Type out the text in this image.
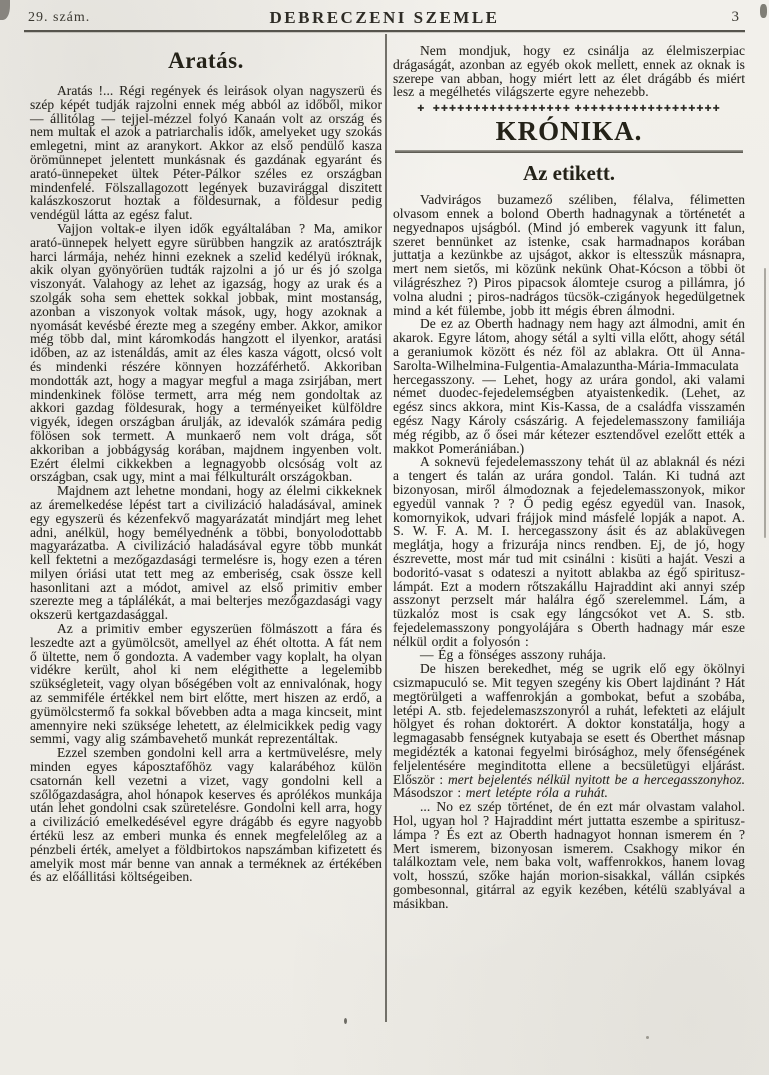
29. szám.	DEBRECZENI SZEMLE	3
Aratás.

Aratás !... Régi regények és leirások olyan nagyszerü és szép képét tudják rajzolni ennek még abból az időből, mikor — állitólag — tejjel-mézzel folyó Kanaán volt az ország és nem multak el azok a patriarchalis idők, amelyeket ugy szokás emlegetni, mint az aranykort. Akkor az első pendülő kasza örömünnepet jelentett munkásnak és gazdának egyaránt és arató-ünnepeket ültek Péter-Pálkor széles ez országban mindenfelé. Fölszallagozott legények buzavirággal diszitett kalászkoszorut hoztak a földesurnak, a földesur pedig vendégül látta az egész falut.

Vajjon voltak-e ilyen idők egyáltalában ? Ma, amikor arató-ünnepek helyett egyre sürübben hangzik az aratósztrájk harci lármája, nehéz hinni ezeknek a szelid kedélyü iróknak, akik olyan gyönyörüen tudták rajzolni a jó ur és jó szolga viszonyát. Valahogy az lehet az igazság, hogy az urak és a szolgák soha sem ehettek sokkal jobbak, mint mostanság, azonban a viszonyok voltak mások, ugy, hogy azoknak a nyomását kevésbé érezte meg a szegény ember. Akkor, amikor még több dal, mint káromkodás hangzott el ilyenkor, aratási időben, az az istenáldás, amit az éles kasza vágott, olcsó volt és mindenki részére könnyen hozzáférhető. Akkoriban mondották azt, hogy a magyar megful a maga zsirjában, mert mindenkinek fölöse termett, arra még nem gondoltak az akkori gazdag földesurak, hogy a terményeiket külföldre vigyék, idegen országban árulják, az idevalók számára pedig fölösen sok termett. A munkaerő nem volt drága, sőt akkoriban a jobbágyság korában, majdnem ingyenben volt. Ezért élelmi cikkekben a legnagyobb olcsóság volt az országban, csak ugy, mint a mai félkulturált országokban.

Majdnem azt lehetne mondani, hogy az élelmi cikkeknek az áremelkedése lépést tart a civilizáció haladásával, aminek egy egyszerü és kézenfekvő magyarázatát mindjárt meg lehet adni, anélkül, hogy bemélyednénk a többi, bonyolodottabb magyarázatba. A civilizáció haladásával egyre több munkát kell fektetni a mezőgazdasági termelésre is, hogy ezen a téren milyen óriási utat tett meg az emberiség, csak össze kell hasonlitani azt a módot, amivel az első primitiv ember szerezte meg a táplálékát, a mai belterjes mezőgazdasági vagy okszerü kertgazdasággal.

Az a primitiv ember egyszerüen fölmászott a fára és leszedte azt a gyümölcsöt, amellyel az éhét oltotta. A fát nem ő ültette, nem ő gondozta. A vadember vagy koplalt, ha olyan vidékre került, ahol ki nem elégithette a legelemibb szükségleteit, vagy olyan bőségében volt az ennivalónak, hogy az semmiféle értékkel nem birt előtte, mert hiszen az erdő, a gyümölcstermő fa sokkal bővebben adta a maga kincseit, mint amennyire neki szüksége lehetett, az élelmicikkek pedig vagy semmi, vagy alig számbavehető munkát reprezentáltak.

Ezzel szemben gondolni kell arra a kertmüvelésre, mely minden egyes káposztafőhöz vagy kalarábéhoz külön csatornán kell vezetni a vizet, vagy gondolni kell a szőlőgazdaságra, ahol hónapok keserves és aprólékos munkája után lehet gondolni csak szüretelésre. Gondolni kell arra, hogy a civilizáció emelkedésével egyre drágább és egyre nagyobb értékü lesz az emberi munka és ennek megfelelőleg az a pénzbeli érték, amelyet a földbirtokos napszámban kifizetett és amelyik most már benne van annak a terméknek az értékében és az előállitási költségeiben.

Nem mondjuk, hogy ez csinálja az élelmiszerpiac drágaságát, azonban az egyéb okok mellett, ennek az oknak is szerepe van abban, hogy miért lett az élet drágább és miért lesz a megélhetés világszerte egyre nehezebb.

✚  ✚✚✚✚✚✚✚✚✚✚✚✚✚✚✚✚✚ ✚✚✚✚✚✚✚✚✚✚✚✚✚✚✚✚✚✚
KRÓNIKA.
Az etikett.

Vadvirágos buzamező széliben, félalva, félimetten olvasom ennek a bolond Oberth hadnagynak a történetét a negyednapos ujságból. (Mind jó emberek vagyunk itt falun, szeret bennünket az istenke, csak harmadnapos korában juttatja a kezünkbe az ujságot, akkor is eltesszük másnapra, mert nem sietős, mi közünk nekünk Ohat-Kócson a többi öt világrészhez ?) Piros pipacsok álomteje csurog a pillámra, jó volna aludni ; piros-nadrágos tücsök-czigányok hegedülgetnek mind a két fülembe, jobb itt mégis ébren álmodni.

De ez az Oberth hadnagy nem hagy azt álmodni, amit én akarok. Egyre látom, ahogy sétál a sylti villa előtt, ahogy sétál a geraniumok között és néz föl az ablakra. Ott ül Anna-Sarolta-Wilhelmina-Fulgentia-Amalazuntha-Mária-Immaculata hercegasszony. — Lehet, hogy az urára gondol, aki valami német duodec-fejedelemségben atyaistenkedik. (Lehet, az egész sincs akkora, mint Kis-Kassa, de a családfa visszamén egész Nagy Károly császárig. A fejedelemasszony familiája még régibb, az ő ősei már kétezer esztendővel ezelőtt ették a makkot Pomerániában.)

A soknevü fejedelemasszony tehát ül az ablaknál és nézi a tengert és talán az urára gondol. Talán. Ki tudná azt bizonyosan, miről álmodoznak a fejedelemasszonyok, mikor egyedül vannak ? ? Ő pedig egész egyedül van. Inasok, komornyikok, udvari frájjok mind másfelé lopják a napot. A. S. W. F. A. M. I. hercegasszony ásit és az ablaküvegen meglátja, hogy a frizurája nincs rendben. Ej, de jó, hogy észrevette, most már tud mit csinálni : kisüti a haját. Veszi a bodoritó-vasat s odateszi a nyitott ablakba az égő spiritusz-lámpát. Ezt a modern rőtszakállu Hajraddint aki annyi szép asszonyt perzselt már halálra égő szerelemmel. Lám, a tüzkalóz most is csak egy lángcsókot vet A. S. stb. fejedelemasszony pongyolájára s Oberth hadnagy már esze nélkül ordit a folyosón :

— Ég a fönséges asszony ruhája.

De hiszen berekedhet, még se ugrik elő egy ökölnyi csizmapuculó se. Mit tegyen szegény kis Obert lajdinánt ? Hát megtörülgeti a waffenrokján a gombokat, befut a szobába, letépi A. stb. fejedelemaszszonyról a ruhát, lefekteti az elájult hölgyet és rohan doktorért. A doktor konstatálja, hogy a legmagasabb fenségnek kutyabaja se esett és Oberthet másnap megidézték a katonai fegyelmi birósághoz, mely őfenségének feljelentésére meginditotta ellene a becsületügyi eljárást. Először : mert bejelentés nélkül nyitott be a hercegasszonyhoz. Másodszor : mert letépte róla a ruhát.

... No ez szép történet, de én ezt már olvastam valahol. Hol, ugyan hol ? Hajraddint mért juttatta eszembe a spiritusz-lámpa ? És ezt az Oberth hadnagyot honnan ismerem én ? Mert ismerem, bizonyosan ismerem. Csakhogy mikor én találkoztam vele, nem baka volt, waffenrokkos, hanem lovag volt, hosszú, szőke haján morion-sisakkal, vállán csipkés gombesonnal, gitárral az egyik kezében, kétélü szablyával a másikban.
